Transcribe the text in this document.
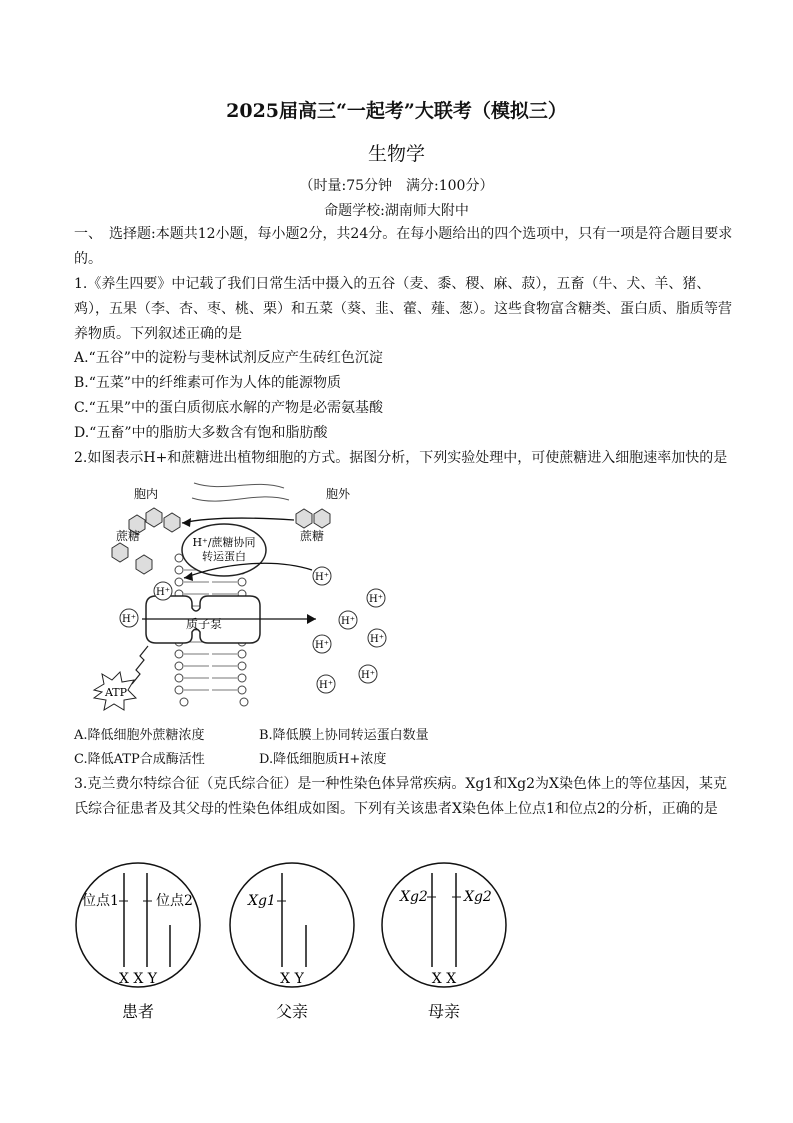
2025届高三“一起考”大联考（模拟三）
生物学
（时量:75分钟　满分:100分）
命题学校:湖南师大附中
一、　选择题:本题共12小题，每小题2分，共24分。在每小题给出的四个选项中，只有一项是符合题目要求的。
1.《养生四要》中记载了我们日常生活中摄入的五谷（麦、黍、稷、麻、菽），五畜（牛、犬、羊、猪、鸡），五果（李、杏、枣、桃、栗）和五菜（葵、韭、藿、薤、葱）。这些食物富含糖类、蛋白质、脂质等营养物质。下列叙述正确的是
A.“五谷”中的淀粉与斐林试剂反应产生砖红色沉淀
B.“五菜”中的纤维素可作为人体的能源物质
C.“五果”中的蛋白质彻底水解的产物是必需氨基酸
D.“五畜”中的脂肪大多数含有饱和脂肪酸
2.如图表示H+和蔗糖进出植物细胞的方式。据图分析，下列实验处理中，可使蔗糖进入细胞速率加快的是
胞内	胞外
蔗糖	蔗糖
H⁺/蔗糖协同
转运蛋白
质子泵
ATP
H⁺
H⁺
H⁺
H⁺
H⁺
H⁺
H⁺
H⁺
H⁺
A.降低细胞外蔗糖浓度	B.降低膜上协同转运蛋白数量
C.降低ATP合成酶活性	D.降低细胞质H+浓度
3.克兰费尔特综合征（克氏综合征）是一种性染色体异常疾病。Xg1和Xg2为X染色体上的等位基因，某克氏综合征患者及其父母的性染色体组成如图。下列有关该患者X染色体上位点1和位点2的分析，正确的是
位点1	位点2
X X Y
患者
Xg1
X Y
父亲
Xg2	Xg2
X X
母亲
